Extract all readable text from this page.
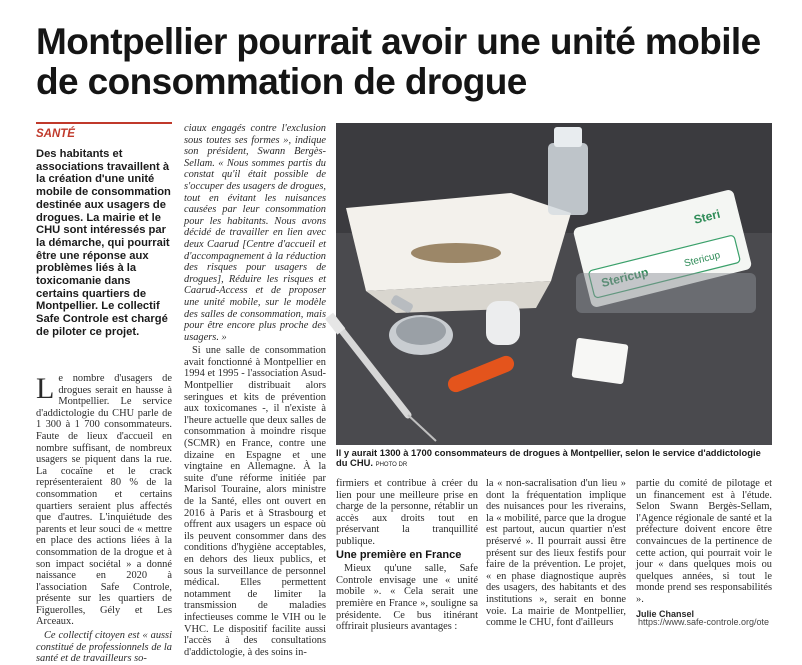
Montpellier pourrait avoir une unité mobile de consommation de drogue
SANTÉ

Des habitants et associations travaillent à la création d'une unité mobile de consommation destinée aux usagers de drogues. La mairie et le CHU sont intéressés par la démarche, qui pourrait être une réponse aux problèmes liés à la toxicomanie dans certains quartiers de Montpellier. Le collectif Safe Controle est chargé de piloter ce projet.

Le nombre d'usagers de drogues serait en hausse à Montpellier. Le service d'addictologie du CHU parle de 1 300 à 1 700 consommateurs. Faute de lieux d'accueil en nombre suffisant, de nombreux usagers se piquent dans la rue. La cocaïne et le crack représenteraient 80 % de la consommation et certains quartiers seraient plus affectés que d'autres. L'inquiétude des parents et leur souci de « mettre en place des actions liées à la consommation de la drogue et à son impact sociétal » a donné naissance en 2020 à l'association Safe Controle, présente sur les quartiers de Figuerolles, Gély et Les Arceaux.

Ce collectif citoyen est « aussi constitué de professionnels de la santé et de travailleurs so-

ciaux engagés contre l'exclusion sous toutes ses formes », indique son président, Swann Bergès-Sellam. « Nous sommes partis du constat qu'il était possible de s'occuper des usagers de drogues, tout en évitant les nuisances causées par leur consommation pour les habitants. Nous avons décidé de travailler en lien avec deux Caarud [Centre d'accueil et d'accompagnement à la réduction des risques pour usagers de drogues], Réduire les risques et Caarud-Access et de proposer une unité mobile, sur le modèle des salles de consommation, mais pour être encore plus proche des usagers. »

Si une salle de consommation avait fonctionné à Montpellier en 1994 et 1995 - l'association Asud-Montpellier distribuait alors seringues et kits de prévention aux toxicomanes -, il n'existe à l'heure actuelle que deux salles de consommation à moindre risque (SCMR) en France, contre une dizaine en Espagne et une vingtaine en Allemagne. À la suite d'une réforme initiée par Marisol Touraine, alors ministre de la Santé, elles ont ouvert en 2016 à Paris et à Strasbourg et offrent aux usagers un espace où ils peuvent consommer dans des conditions d'hygiène acceptables, en dehors des lieux publics, et sous la surveillance de personnel médical. Elles permettent notamment de limiter la transmission de maladies infectieuses comme le VIH ou le VHC. Le dispositif facilite aussi l'accès à des consultations d'addictologie, à des soins in-

Stericup
Steri
Il y aurait 1300 à 1700 consommateurs de drogues à Montpellier, selon le service d'addictologie du CHU. PHOTO DR

firmiers et contribue à créer du lien pour une meilleure prise en charge de la personne, rétablir un accès aux droits tout en préservant la tranquillité publique.

Une première en France

Mieux qu'une salle, Safe Controle envisage une « unité mobile ». « Cela serait une première en France », souligne sa présidente. Ce bus itinérant offrirait plusieurs avantages :

la « non-sacralisation d'un lieu » dont la fréquentation implique des nuisances pour les riverains, la « mobilité, parce que la drogue est partout, aucun quartier n'est préservé ». Il pourrait aussi être présent sur des lieux festifs pour faire de la prévention. Le projet, « en phase diagnostique auprès des usagers, des habitants et des institutions », serait en bonne voie. La mairie de Montpellier, comme le CHU, font d'ailleurs

partie du comité de pilotage et un financement est à l'étude. Selon Swann Bergès-Sellam, l'Agence régionale de santé et la préfecture doivent encore être convaincues de la pertinence de cette action, qui pourrait voir le jour « dans quelques mois ou quelques années, si tout le monde prend ses responsabilités ».

Julie Chansel

https://www.safe-controle.org/ote
